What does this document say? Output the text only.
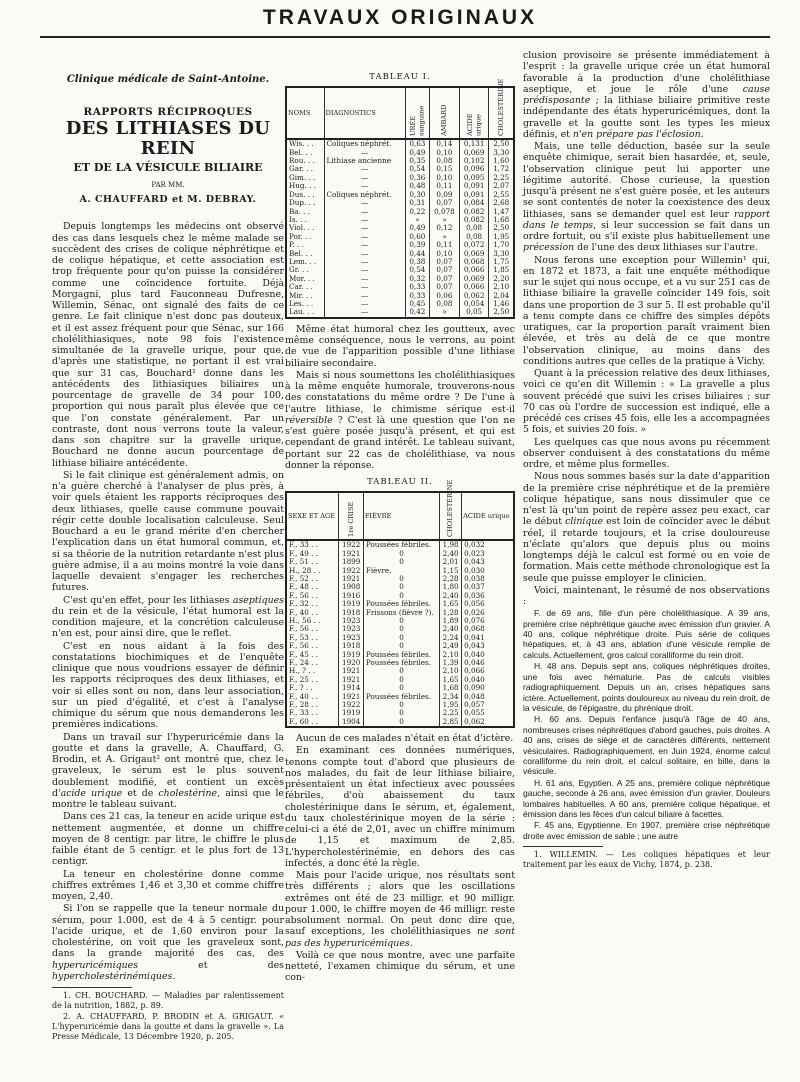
TRAVAUX ORIGINAUX
Clinique médicale de Saint-Antoine.
RAPPORTS RÉCIPROQUES
DES LITHIASES DU REIN
ET DE LA VÉSICULE BILIAIRE
PAR MM.
A. CHAUFFARD et M. DEBRAY.

Depuis longtemps les médecins ont observé des cas dans lesquels chez le même malade se succèdent des crises de colique néphrétique et de colique hépatique, et cette association est trop fréquente pour qu'on puisse la considérer comme une coïncidence fortuite. Déjà Morgagni, plus tard Fauconneau Dufresne, Willemin, Sénac, ont signalé des faits de ce genre. Le fait clinique n'est donc pas douteux, et il est assez fréquent pour que Sénac, sur 166 cholélithiasiques, note 98 fois l'existence simultanée de la gravelle urique, pour que, d'après une statistique, ne portant il est vrai que sur 31 cas, Bouchard¹ donne dans les antécédents des lithiasiques biliaires un pourcentage de gravelle de 34 pour 100, proportion qui nous paraît plus élevée que ce que l'on constate généralement. Par un contraste, dont nous verrons toute la valeur, dans son chapitre sur la gravelle urique, Bouchard ne donne aucun pourcentage de lithiase biliaire antécédente.

Si le fait clinique est généralement admis, on n'a guère cherché à l'analyser de plus près, à voir quels étaient les rapports réciproques des deux lithiases, quelle cause commune pouvait régir cette double localisation calculeuse. Seul Bouchard a eu le grand mérite d'en chercher l'explication dans un état humoral commun, et, si sa théorie de la nutrition retardante n'est plus guère admise, il a au moins montré la voie dans laquelle devaient s'engager les recherches futures.

C'est qu'en effet, pour les lithiases aseptiques du rein et de la vésicule, l'état humoral est la condition majeure, et la concrétion calculeuse n'en est, pour ainsi dire, que le reflet.

C'est en nous aidant à la fois des constatations biochimiques et de l'enquête clinique que nous voudrions essayer de définir les rapports réciproques des deux lithiases, et voir si elles sont ou non, dans leur association, sur un pied d'égalité, et c'est à l'analyse chimique du sérum que nous demanderons les premières indications.

Dans un travail sur l'hyperuricémie dans la goutte et dans la gravelle, A. Chauffard, G. Brodin, et A. Grigaut² ont montré que, chez le graveleux, le sérum est le plus souvent doublement modifié, et contient un excès d'acide urique et de cholestérine, ainsi que le montre le tableau suivant.

Dans ces 21 cas, la teneur en acide urique est nettement augmentée, et donne un chiffre moyen de 8 centigr. par litre, le chiffre le plus faible étant de 5 centigr. et le plus fort de 13 centigr.

La teneur en cholestérine donne comme chiffres extrêmes 1,46 et 3,30 et comme chiffre moyen, 2,40.

Si l'on se rappelle que la teneur normale du sérum, pour 1.000, est de 4 à 5 centigr. pour l'acide urique, et de 1,60 environ pour la cholestérine, on voit que les graveleux sont, dans la grande majorité des cas, des hyperuricémiques et des hypercholestérinémiques.

1. CH. BOUCHARD. — Maladies par ralentissement de la nutrition, 1882, p. 89.

2. A. CHAUFFARD, P. BRODIN et A. GRIGAUT. « L'hyperuricémie dans la goutte et dans la gravelle ». La Presse Médicale, 13 Décembre 1920, p. 205.

TABLEAU I.
NOMS	DIAGNOSTICS	URÉE sanguine	AMBARD	ACIDE urique	CHOLESTÉRINE

Wis. . .	Coliques néphrét.	0,63	0,14	0,131	2,50
Bel. . .	—	0,49	0,10	0,069	3,30
Rou. . .	Lithiase ancienne	0,35	0,08	0,102	1,60
Gar. . .	—	0,54	0,15	0,096	1,72
Gim. . .	—	0,36	0,10	0,095	2,25
Hug. . .	—	0,48	0,11	0,091	2,07
Dus. . .	Coliques néphrét.	0,30	0,09	0,091	2,55
Dup. . .	—	0,31	0,07	0,084	2,68
Ba. . .	—	0,22	0,078	0,082	1,47
Is. . .	—	»	»	0,082	1,68
Viol. . .	—	0,49	0,12	0,08	2,50
Por. . .	—	0,60	»	0,08	1,95
P. . .	—	0,39	0,11	0,072	1,70
Bel. . .	—	0,44	0,10	0,069	3,30
Lem. . .	—	0,38	0,07	0,068	1,75
Gr. . .	—	0,54	0,07	0,066	1,85
Mor. . .	—	0,32	0,07	0,069	2,20
Car. . .	—	0,33	0,07	0,066	2,10
Mir. . .	—	0,33	0,06	0,062	2,04
Les. . .	—	0,45	0,08	0,054	1,46
Lau. . .	—	0,42	»	0,05	2,50

Même état humoral chez les goutteux, avec même conséquence, nous le verrons, au point de vue de l'apparition possible d'une lithiase biliaire secondaire.

Mais si nous soumettons les cholélithiasiques à la même enquête humorale, trouverons-nous des constatations du même ordre ? De l'une à l'autre lithiase, le chimisme sérique est-il réversible ? C'est là une question que l'on ne s'est guère posée jusqu'à présent, et qui est cependant de grand intérêt. Le tableau suivant, portant sur 22 cas de cholélithiase, va nous donner la réponse.

TABLEAU II.
SEXE ET AGE	1re CRISE	FIÈVRE	CHOLESTÉRINE	ACIDE urique
F., 33 . .	1922	Poussées fébriles.	1,98	0,032
F., 49 . .	1921	0	2,40	0,023
F., 51 . .	1899	0	2,01	0,043
H., 28 . .	1922	Fièvre.	1,15	0,030
F., 52 . .	1921	0	2,28	0,038
F., 48 . .	1908	0	1,80	0,037
F., 56 . .	1916	0	2,40	0,036
F., 32 . .	1919	Poussées fébriles.	1,65	0,056
F., 40 . .	1918	Frissons (fièvre ?).	1,28	0,026
H., 56 . .	1923	0	1,89	0,076
F., 56 . .	1923	0	2,40	0,068
F., 53 . .	1923	0	2,24	0,041
F., 56 . .	1918	0	2,49	0,043
F., 45 . .	1919	Poussées fébriles.	2,10	0,040
F., 24 . .	1920	Poussées fébriles.	1,39	0,046
H., ? . .	1921	0	2,10	0,066
F., 25 . .	1921	0	1,65	0,040
F., ? . .	1914	0	1,68	0,090
F., 40 . .	1921	Poussées fébriles.	2,34	0,048
F., 28 . .	1922	0	1,95	0,057
F., 33 . .	1919	0	2,25	0,055
F., 60 . .	1904	0	2,85	0,062

Aucun de ces malades n'était en état d'ictère.

En examinant ces données numériques, tenons compte tout d'abord que plusieurs de nos malades, du fait de leur lithiase biliaire, présentaient un état infectieux avec poussées fébriles, d'où abaissement du taux cholestérinique dans le sérum, et, également, du taux cholestérinique moyen de la série : celui-ci a été de 2,01, avec un chiffre minimum de 1,15 et maximum de 2,85. L'hypercholestérinémie, en dehors des cas infectés, a donc été la règle.

Mais pour l'acide urique, nos résultats sont très différents ; alors que les oscillations extrêmes ont été de 23 milligr. et 90 milligr. pour 1.000, le chiffre moyen de 46 milligr. reste absolument normal. On peut donc dire que, sauf exceptions, les cholélithiasiques ne sont pas des hyperuricémiques.

Voilà ce que nous montre, avec une parfaite netteté, l'examen chimique du sérum, et une con-

clusion provisoire se présente immédiatement à l'esprit : la gravelle urique crée un état humoral favorable à la production d'une cholélithiase aseptique, et joue le rôle d'une cause prédisposante ; la lithiase biliaire primitive reste indépendante des états hyperuricémiques, dont la gravelle et la goutte sont les types les mieux définis, et n'en prépare pas l'éclosion.

Mais, une telle déduction, basée sur la seule enquête chimique, serait bien hasardée, et, seule, l'observation clinique peut lui apporter une légitime autorité. Chose curieuse, la question jusqu'à présent ne s'est guère posée, et les auteurs se sont contentés de noter la coexistence des deux lithiases, sans se demander quel est leur rapport dans le temps, si leur succession se fait dans un ordre fortuit, ou s'il existe plus habituellement une précession de l'une des deux lithiases sur l'autre.

Nous ferons une exception pour Willemin¹ qui, en 1872 et 1873, a fait une enquête méthodique sur le sujet qui nous occupe, et a vu sur 251 cas de lithiase biliaire la gravelle coïncider 149 fois, soit dans une proportion de 3 sur 5. Il est probable qu'il a tenu compte dans ce chiffre des simples dépôts uratiques, car la proportion paraît vraiment bien élevée, et très au delà de ce que montre l'observation clinique, au moins dans des conditions autres que celles de la pratique à Vichy.

Quant à la précession relative des deux lithiases, voici ce qu'en dit Willemin : « La gravelle a plus souvent précédé que suivi les crises biliaires ; sur 70 cas où l'ordre de succession est indiqué, elle a précédé ces crises 45 fois, elle les a accompagnées 5 fois, et suivies 20 fois. »

Les quelques cas que nous avons pu récemment observer conduisent à des constatations du même ordre, et même plus formelles.

Nous nous sommes basés sur la date d'apparition de la première crise néphrétique et de la première colique hépatique, sans nous dissimuler que ce n'est là qu'un point de repère assez peu exact, car le début clinique est loin de coïncider avec le début réel, il retarde toujours, et la crise douloureuse n'éclate qu'alors que depuis plus ou moins longtemps déjà le calcul est formé ou en voie de formation. Mais cette méthode chronologique est la seule que puisse employer le clinicien.

Voici, maintenant, le résumé de nos observations :

F. de 69 ans, fille d'un père cholélithiasique. A 39 ans, première crise néphrétique gauche avec émission d'un gravier. A 40 ans, colique néphrétique droite. Puis série de coliques hépatiques, et, à 43 ans, ablation d'une vésicule remplie de calculs. Actuellement, gros calcul coralliforme du rein droit.

H. 48 ans. Depuis sept ans, coliques néphrétiques droites, une fois avec hématurie. Pas de calculs visibles radiographiquement. Depuis un an, crises hépatiques sans ictère. Actuellement, points douloureux au niveau du rein droit, de la vésicule, de l'épigastre, du phrénique droit.

H. 60 ans. Depuis l'enfance jusqu'à l'âge de 40 ans, nombreuses crises néphrétiques d'abord gauches, puis droites. A 40 ans, crises de siège et de caractères différents, nettement vésiculaires. Radiographiquement, en Juin 1924, énorme calcul coralliforme du rein droit, et calcul solitaire, en bille, dans la vésicule.

H. 61 ans, Egyptien. A 25 ans, première colique néphrétique gauche, seconde à 26 ans, avec émission d'un gravier. Douleurs lombaires habituelles. A 60 ans, première colique hépatique, et émission dans les fèces d'un calcul biliaire à facettes.

F. 45 ans, Egyptienne. En 1907, première crise néphrétique droite avec émission de sable ; une autre

1. WILLEMIN. — Les coliques hépatiques et leur traitement par les eaux de Vichy, 1874, p. 238.
